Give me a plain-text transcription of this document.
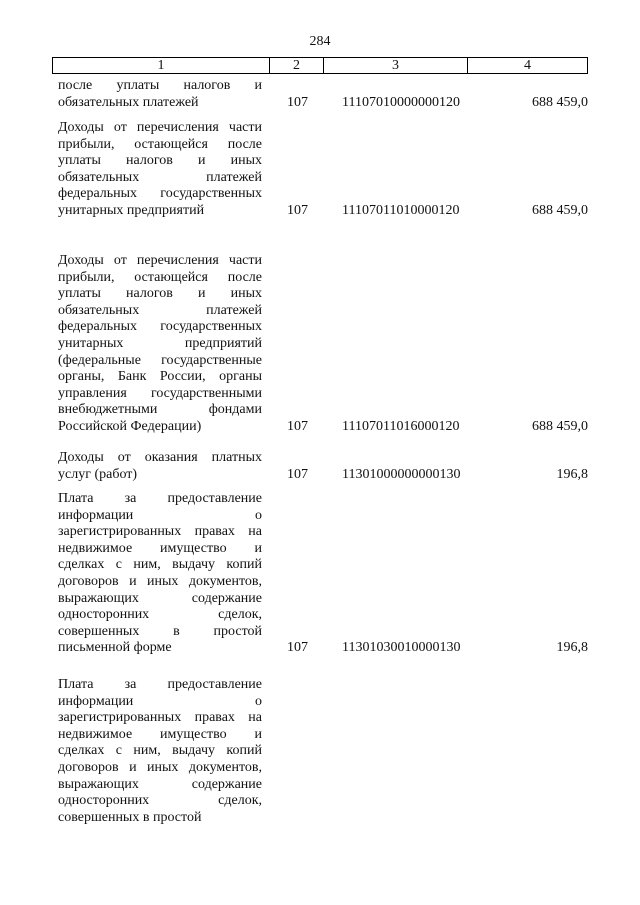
284
1	2	3	4
после уплаты налогов и
обязательных платежей	107 11107010000000120	688 459,0
Доходы от перечисления части
прибыли, остающейся после
уплаты налогов и иных
обязательных платежей
федеральных государственных
унитарных предприятий	107 11107011010000120	688 459,0
Доходы от перечисления части
прибыли, остающейся после
уплаты налогов и иных
обязательных платежей
федеральных государственных
унитарных предприятий
(федеральные государственные
органы, Банк России, органы
управления государственными
внебюджетными фондами
Российской Федерации)	107 11107011016000120	688 459,0
Доходы от оказания платных
услуг (работ)	107 11301000000000130	196,8
Плата за предоставление
информации о
зарегистрированных правах на
недвижимое имущество и
сделках с ним, выдачу копий
договоров и иных документов,
выражающих содержание
односторонних сделок,
совершенных в простой
письменной форме	107 11301030010000130	196,8
Плата за предоставление
информации о
зарегистрированных правах на
недвижимое имущество и
сделках с ним, выдачу копий
договоров и иных документов,
выражающих содержание
односторонних сделок,
совершенных в простой
